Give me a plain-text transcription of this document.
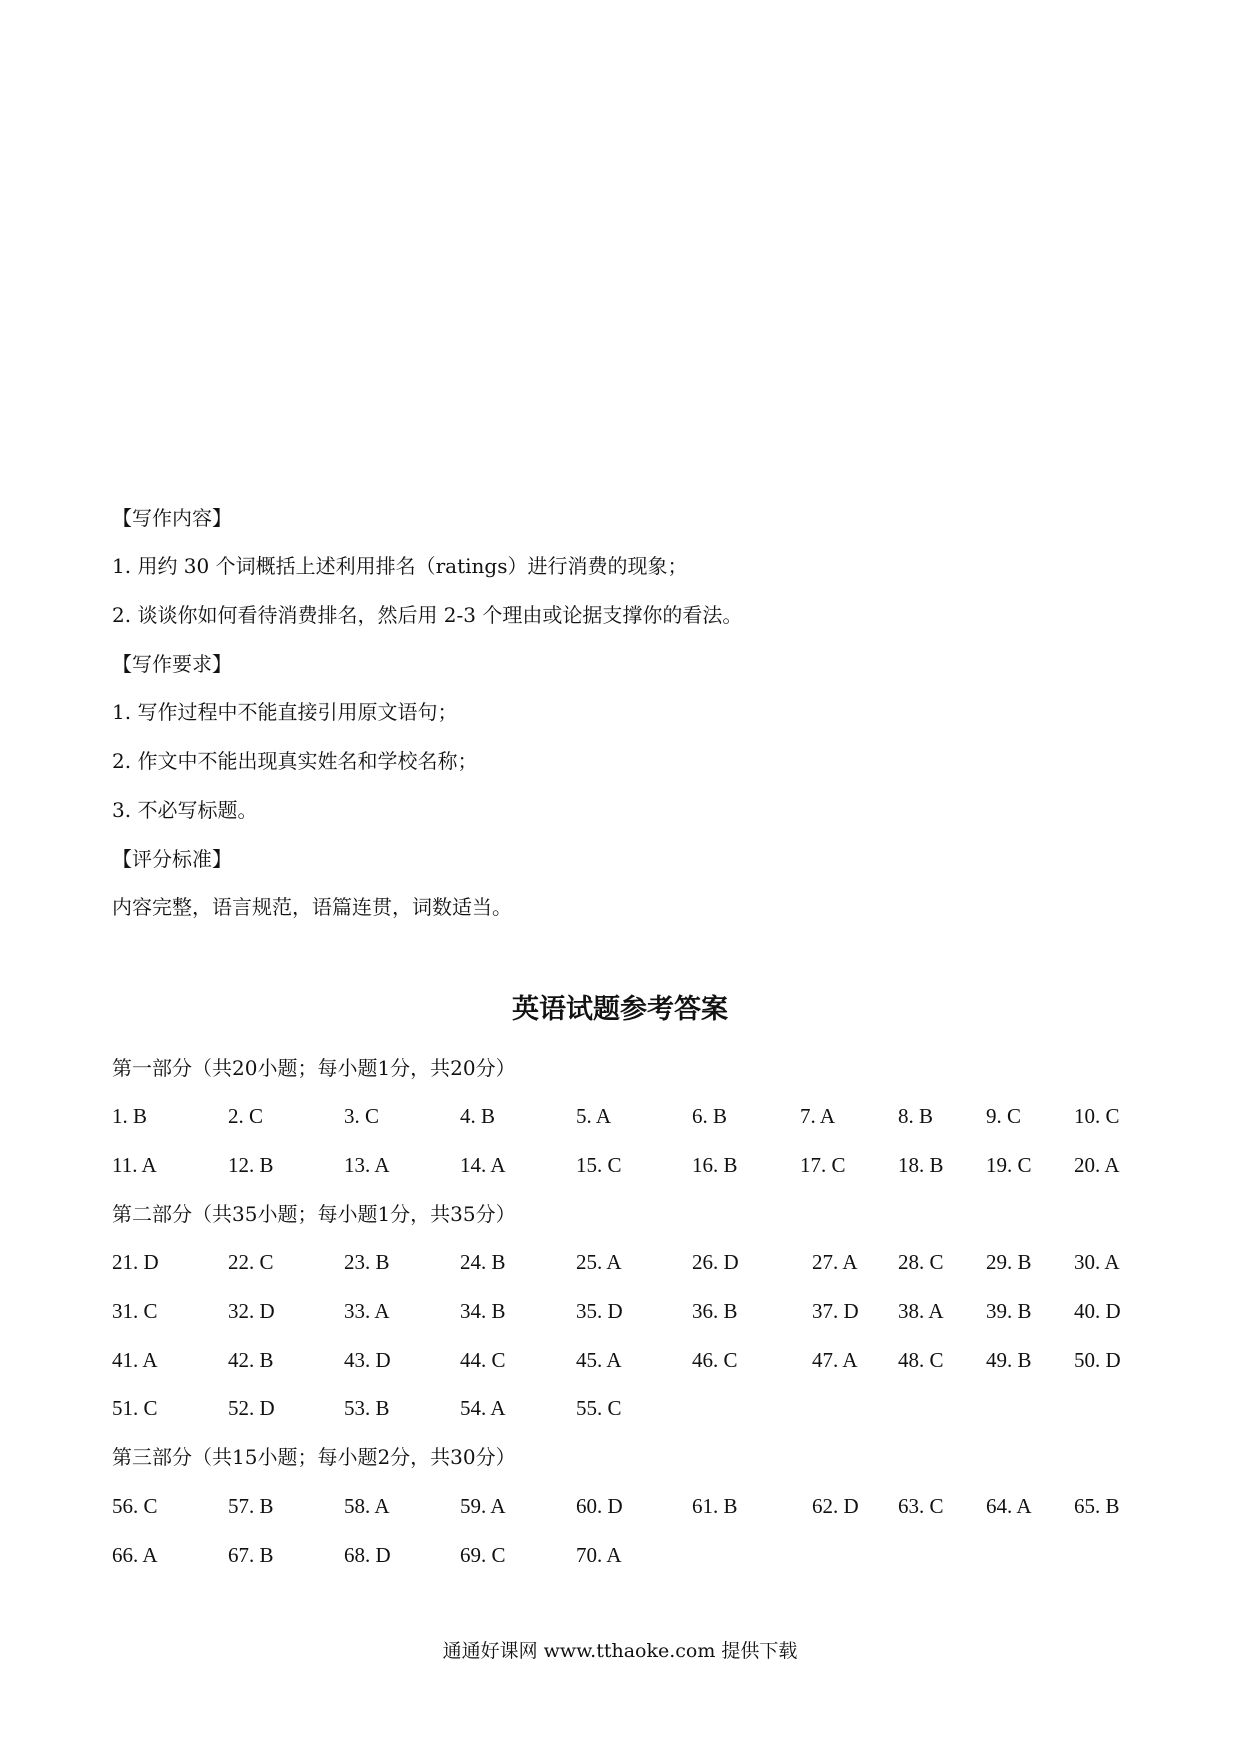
【写作内容】
1. 用约 30 个词概括上述利用排名（ratings）进行消费的现象；
2. 谈谈你如何看待消费排名，然后用 2-3 个理由或论据支撑你的看法。
【写作要求】
1. 写作过程中不能直接引用原文语句；
2. 作文中不能出现真实姓名和学校名称；
3. 不必写标题。
【评分标准】
内容完整，语言规范，语篇连贯，词数适当。
英语试题参考答案
第一部分（共20小题；每小题1分，共20分）
1. B	2. C	3. C	4. B	5. A	6. B	7. A	8. B	9. C	10. C
11. A	12. B	13. A	14. A	15. C	16. B	17. C 18. B 19. C 20. A
第二部分（共35小题；每小题1分，共35分）
21. D	22. C	23. B	24. B	25. A	26. D	27. A 28. C 29. B 30. A
31. C	32. D	33. A	34. B	35. D	36. B	37. D 38. A 39. B 40. D
41. A	42. B	43. D	44. C	45. A	46. C	47. A 48. C 49. B 50. D
51. C	52. D	53. B	54. A	55. C
第三部分（共15小题；每小题2分，共30分）
56. C	57. B	58. A	59. A	60. D	61. B	62. D 63. C 64. A 65. B
66. A	67. B	68. D	69. C	70. A
通通好课网 www.tthaoke.com 提供下载
